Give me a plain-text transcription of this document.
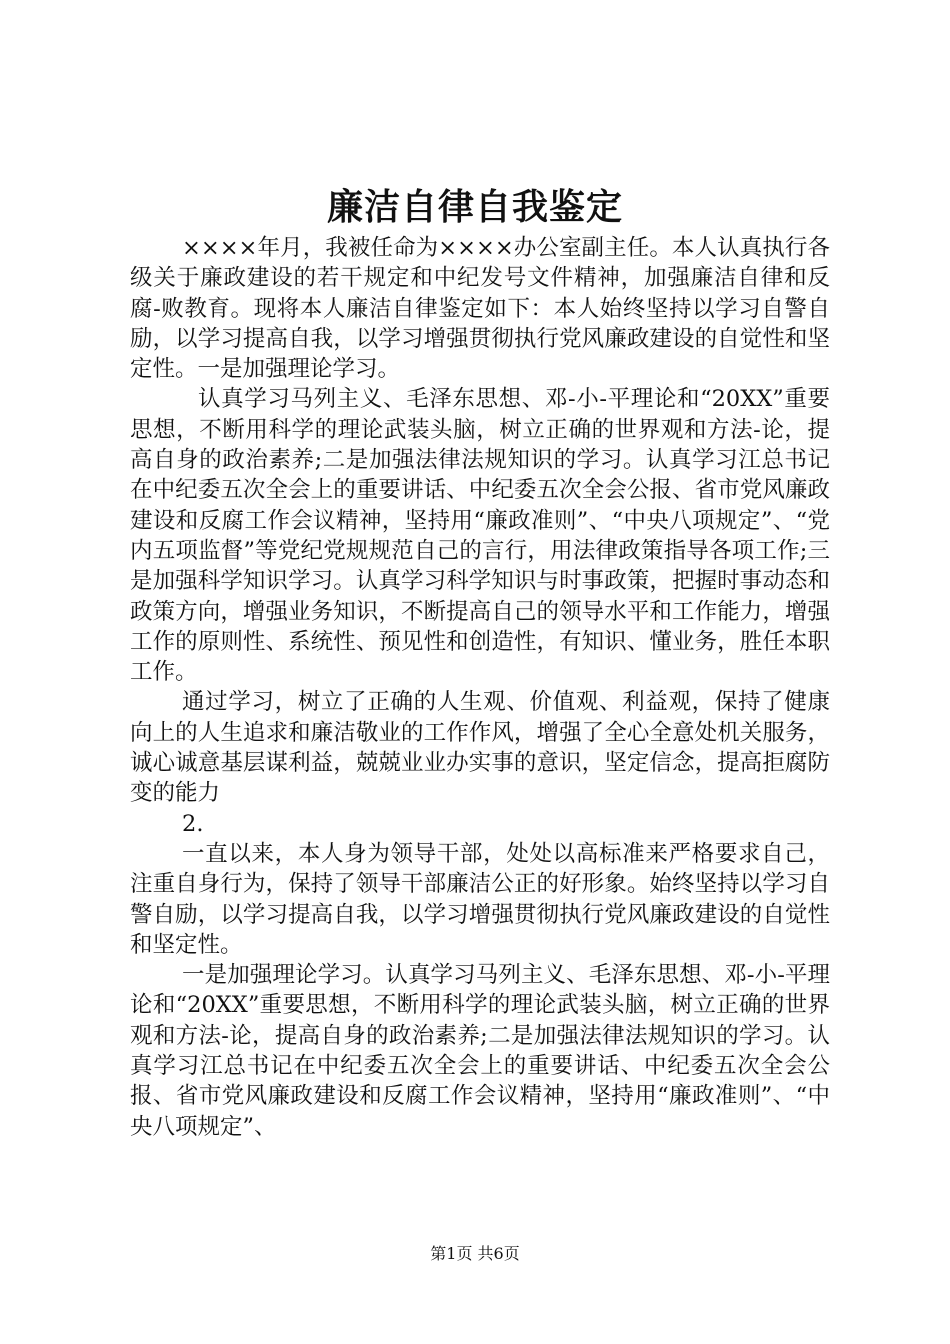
廉洁自律自我鉴定

××××年月，我被任命为××××办公室副主任。本人认真执行各级关于廉政建设的若干规定和中纪发号文件精神，加强廉洁自律和反腐-败教育。现将本人廉洁自律鉴定如下：本人始终坚持以学习自警自励，以学习提高自我，以学习增强贯彻执行党风廉政建设的自觉性和坚定性。一是加强理论学习。

认真学习马列主义、毛泽东思想、邓-小-平理论和“20XX”重要思想，不断用科学的理论武装头脑，树立正确的世界观和方法-论，提高自身的政治素养;二是加强法律法规知识的学习。认真学习江总书记在中纪委五次全会上的重要讲话、中纪委五次全会公报、省市党风廉政建设和反腐工作会议精神，坚持用“廉政准则”、“中央八项规定”、“党内五项监督”等党纪党规规范自己的言行，用法律政策指导各项工作;三是加强科学知识学习。认真学习科学知识与时事政策，把握时事动态和政策方向，增强业务知识，不断提高自己的领导水平和工作能力，增强工作的原则性、系统性、预见性和创造性，有知识、懂业务，胜任本职工作。

通过学习，树立了正确的人生观、价值观、利益观，保持了健康向上的人生追求和廉洁敬业的工作作风，增强了全心全意处机关服务，诚心诚意基层谋利益，兢兢业业办实事的意识，坚定信念，提高拒腐防变的能力

2.

一直以来，本人身为领导干部，处处以高标准来严格要求自己，注重自身行为，保持了领导干部廉洁公正的好形象。始终坚持以学习自警自励，以学习提高自我，以学习增强贯彻执行党风廉政建设的自觉性和坚定性。

一是加强理论学习。认真学习马列主义、毛泽东思想、邓-小-平理论和“20XX”重要思想，不断用科学的理论武装头脑，树立正确的世界观和方法-论，提高自身的政治素养;二是加强法律法规知识的学习。认真学习江总书记在中纪委五次全会上的重要讲话、中纪委五次全会公报、省市党风廉政建设和反腐工作会议精神，坚持用“廉政准则”、“中央八项规定”、

第1页 共6页
